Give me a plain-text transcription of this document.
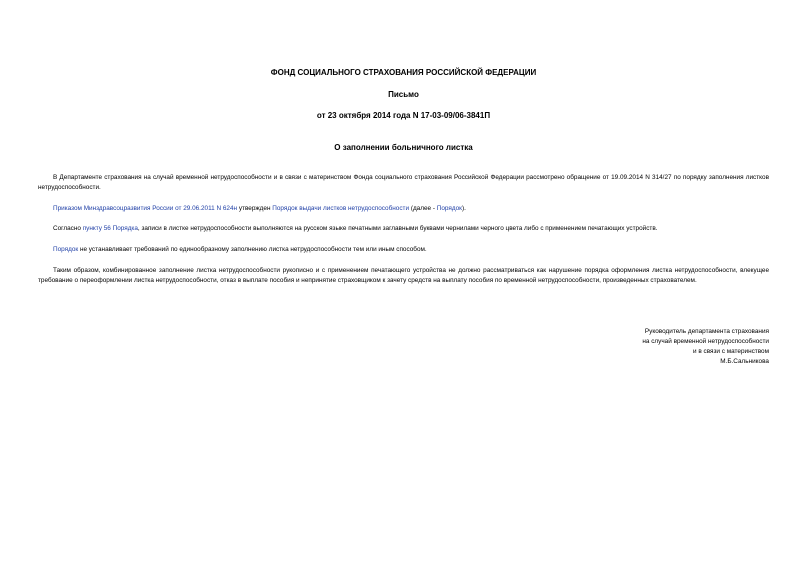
ФОНД СОЦИАЛЬНОГО СТРАХОВАНИЯ РОССИЙСКОЙ ФЕДЕРАЦИИ
Письмо
от 23 октября 2014 года N 17-03-09/06-3841П
О заполнении больничного листка
В Департаменте страхования на случай временной нетрудоспособности и в связи с материнством Фонда социального страхования Российской Федерации рассмотрено обращение от 19.09.2014 N 314/27 по порядку заполнения листков нетрудоспособности.
Приказом Минздравсоцразвития России от 29.06.2011 N 624н утвержден Порядок выдачи листков нетрудоспособности (далее - Порядок).
Согласно пункту 56 Порядка, записи в листке нетрудоспособности выполняются на русском языке печатными заглавными буквами чернилами черного цвета либо с применением печатающих устройств.
Порядок не устанавливает требований по единообразному заполнению листка нетрудоспособности тем или иным способом.
Таким образом, комбинированное заполнение листка нетрудоспособности рукописно и с применением печатающего устройства не должно рассматриваться как нарушение порядка оформления листка нетрудоспособности, влекущее требование о переоформлении листка нетрудоспособности, отказ в выплате пособия и непринятие страховщиком к зачету средств на выплату пособия по временной нетрудоспособности, произведенных страхователем.
Руководитель департамента страхования
на случай временной нетрудоспособности
и в связи с материнством
М.Б.Сальникова
